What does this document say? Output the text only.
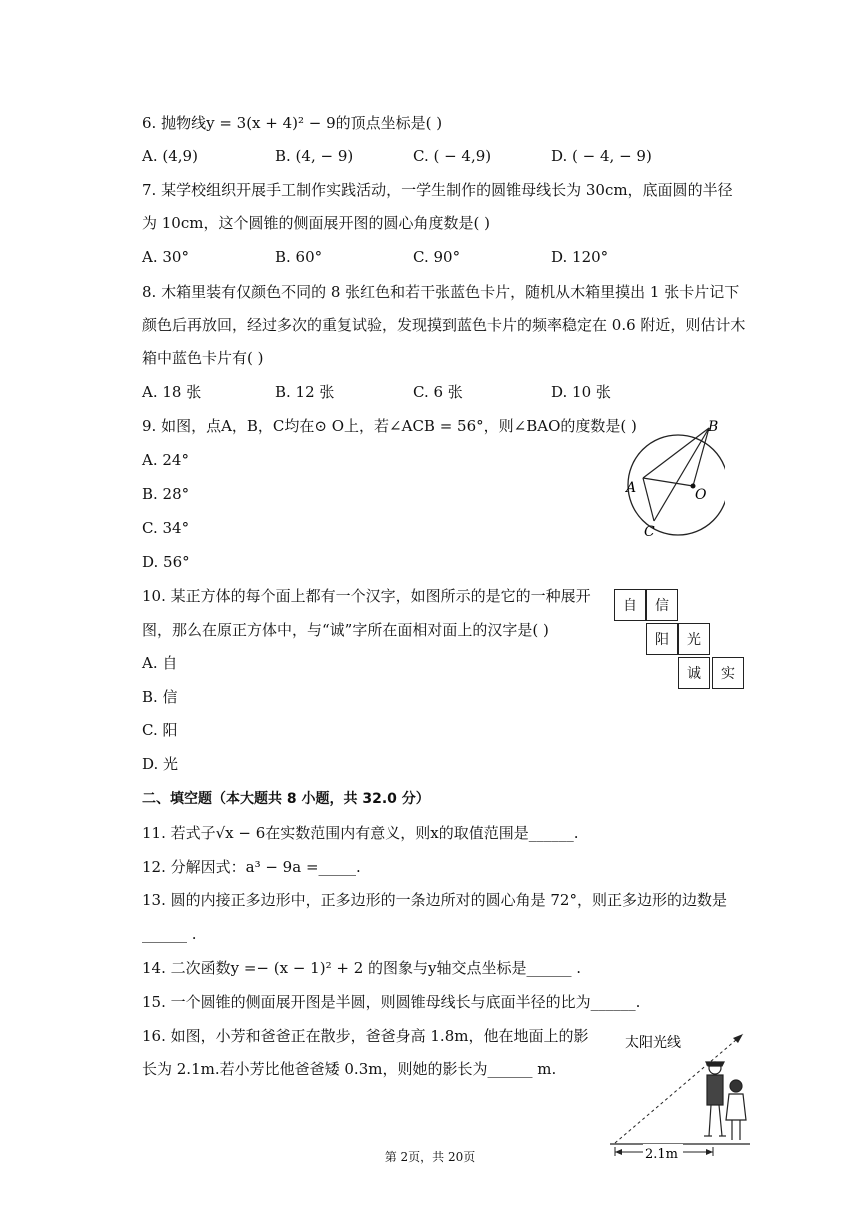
6. 抛物线y = 3(x + 4)² − 9的顶点坐标是( )
A. (4,9)	B. (4, − 9)	C. ( − 4,9)	D. ( − 4, − 9)
7. 某学校组织开展手工制作实践活动，一学生制作的圆锥母线长为 30cm，底面圆的半径
为 10cm，这个圆锥的侧面展开图的圆心角度数是( )
A. 30°	B. 60°	C. 90°	D. 120°
8. 木箱里装有仅颜色不同的 8 张红色和若干张蓝色卡片，随机从木箱里摸出 1 张卡片记下
颜色后再放回，经过多次的重复试验，发现摸到蓝色卡片的频率稳定在 0.6 附近，则估计木
箱中蓝色卡片有( )
A. 18 张	B. 12 张	C. 6 张	D. 10 张
9. 如图，点A，B，C均在⊙ O上，若∠ACB = 56°，则∠BAO的度数是( )
A. 24°
B. 28°
C. 34°
D. 56°
B
A	O
C
10. 某正方体的每个面上都有一个汉字，如图所示的是它的一种展开
图，那么在原正方体中，与“诚”字所在面相对面上的汉字是( )
A. 自
B. 信
C. 阳
D. 光
自	信
阳	光
诚	实
二、填空题（本大题共 8 小题，共 32.0 分）
11. 若式子√x − 6在实数范围内有意义，则x的取值范围是______.
12. 分解因式：a³ − 9a =_____.
13. 圆的内接正多边形中，正多边形的一条边所对的圆心角是 72°，则正多边形的边数是
______ .
14. 二次函数y =− (x − 1)² + 2 的图象与y轴交点坐标是______ .
15. 一个圆锥的侧面展开图是半圆，则圆锥母线长与底面半径的比为______.
16. 如图，小芳和爸爸正在散步，爸爸身高 1.8m，他在地面上的影
长为 2.1m.若小芳比他爸爸矮 0.3m，则她的影长为______ m.
太阳光线
2.1m
第 2页，共 20页
